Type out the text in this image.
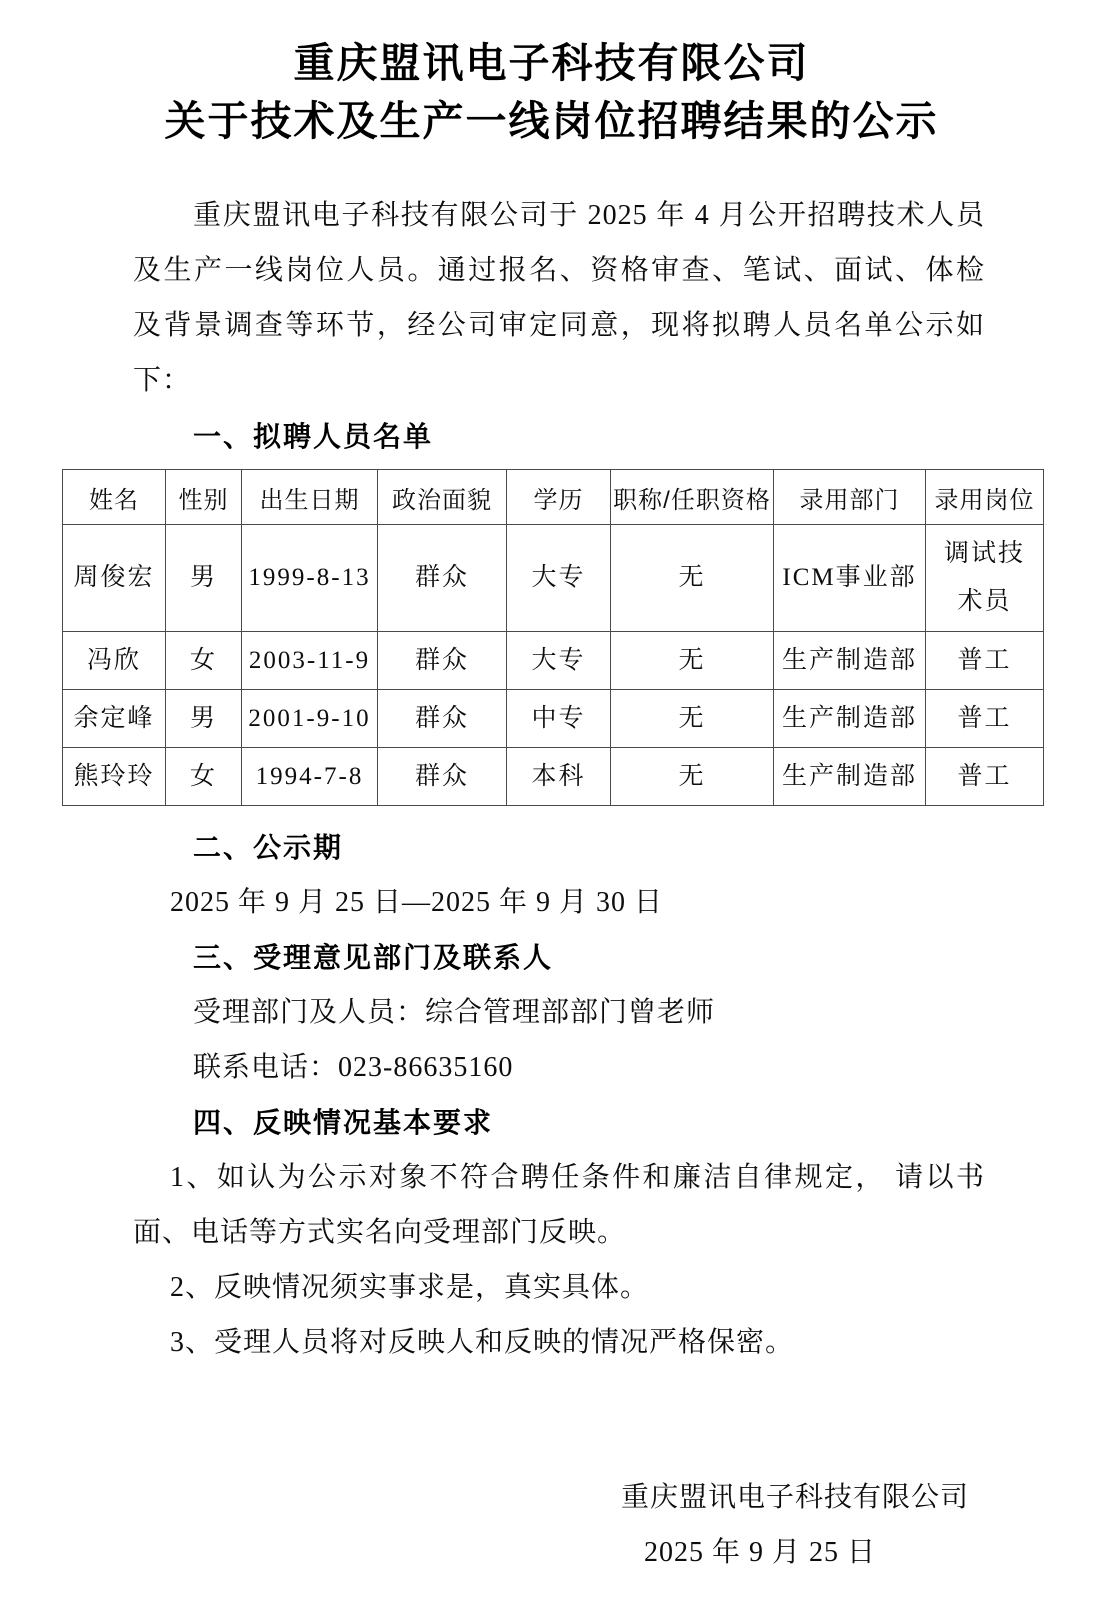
重庆盟讯电子科技有限公司
关于技术及生产一线岗位招聘结果的公示
重庆盟讯电子科技有限公司于 2025 年 4 月公开招聘技术人员
及生产一线岗位人员。通过报名、资格审查、笔试、面试、体检
及背景调查等环节，经公司审定同意，现将拟聘人员名单公示如
下：
一、拟聘人员名单
姓名	性别	出生日期	政治面貌	学历	职称/任职资格	录用部门	录用岗位
周俊宏	男	1999-8-13	群众	大专	无	ICM事业部	调试技术员
冯欣	女	2003-11-9	群众	大专	无	生产制造部	普工
余定峰	男	2001-9-10	群众	中专	无	生产制造部	普工
熊玲玲	女	1994-7-8	群众	本科	无	生产制造部	普工
二、公示期
2025 年 9 月 25 日—2025 年 9 月 30 日
三、受理意见部门及联系人
受理部门及人员：综合管理部部门曾老师
联系电话：023-86635160
四、反映情况基本要求
1、如认为公示对象不符合聘任条件和廉洁自律规定， 请以书
面、电话等方式实名向受理部门反映。
2、反映情况须实事求是，真实具体。
3、受理人员将对反映人和反映的情况严格保密。
重庆盟讯电子科技有限公司
2025 年 9 月 25 日
